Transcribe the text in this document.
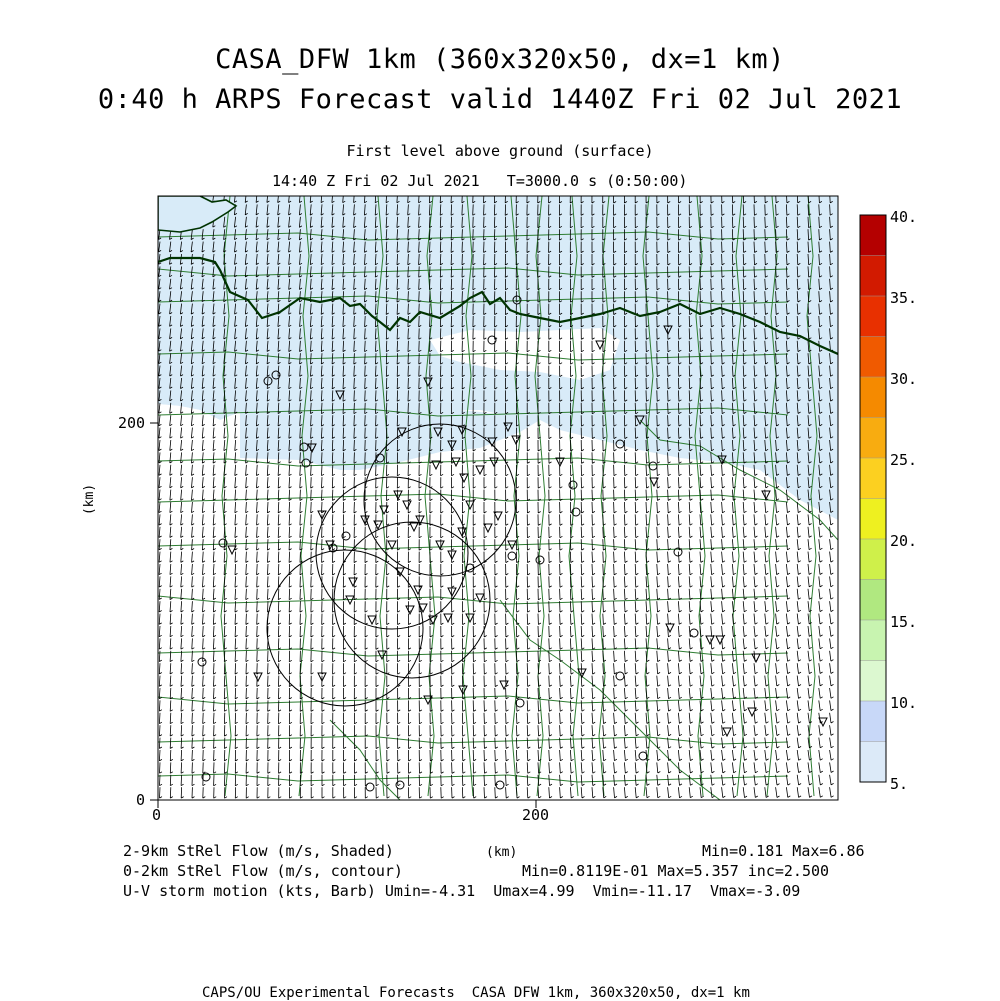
CASA_DFW 1km (360x320x50, dx=1 km)
0:40 h ARPS Forecast valid 1440Z Fri 02 Jul 2021
First level above ground (surface)
14:40 Z Fri 02 Jul 2021   T=3000.0 s (0:50:00)
0	200
0
200
(km)
40.
35.
30.
25.
20.
15.
10.
5.
2-9km StRel Flow (m/s, Shaded)	(km)	Min=0.181 Max=6.86
0-2km StRel Flow (m/s, contour)	Min=0.8119E-01 Max=5.357 inc=2.500
U-V storm motion (kts, Barb) Umin=-4.31  Umax=4.99  Vmin=-11.17  Vmax=-3.09
CAPS/OU Experimental Forecasts  CASA DFW 1km, 360x320x50, dx=1 km
